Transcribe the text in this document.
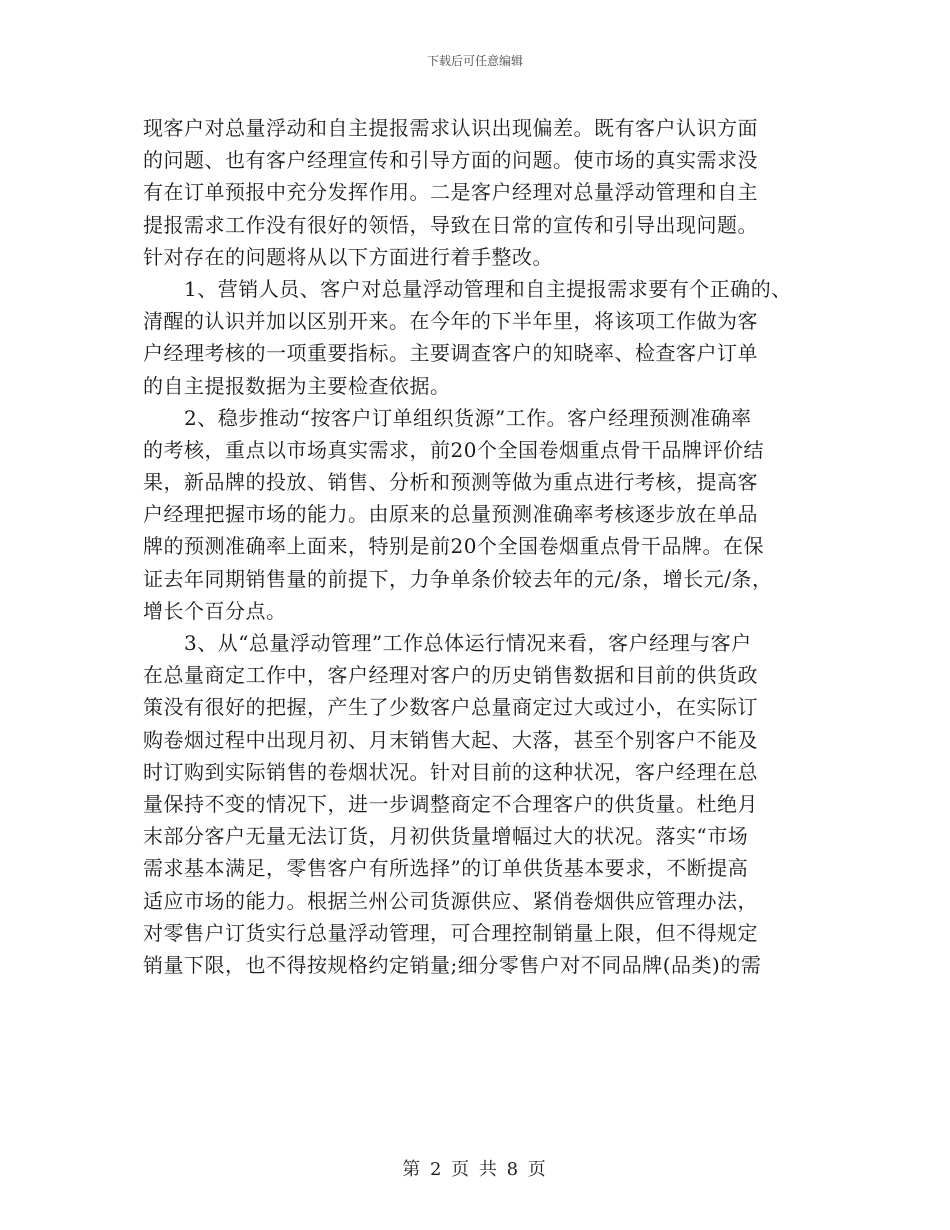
下载后可任意编辑
现客户对总量浮动和自主提报需求认识出现偏差。既有客户认识方面
的问题、也有客户经理宣传和引导方面的问题。使市场的真实需求没
有在订单预报中充分发挥作用。二是客户经理对总量浮动管理和自主
提报需求工作没有很好的领悟，导致在日常的宣传和引导出现问题。
针对存在的问题将从以下方面进行着手整改。
　　1、营销人员、客户对总量浮动管理和自主提报需求要有个正确的、
清醒的认识并加以区别开来。在今年的下半年里，将该项工作做为客
户经理考核的一项重要指标。主要调查客户的知晓率、检查客户订单
的自主提报数据为主要检查依据。
　　2、稳步推动“按客户订单组织货源”工作。客户经理预测准确率
的考核，重点以市场真实需求，前20个全国卷烟重点骨干品牌评价结
果，新品牌的投放、销售、分析和预测等做为重点进行考核，提高客
户经理把握市场的能力。由原来的总量预测准确率考核逐步放在单品
牌的预测准确率上面来，特别是前20个全国卷烟重点骨干品牌。在保
证去年同期销售量的前提下，力争单条价较去年的元/条，增长元/条，
增长个百分点。
　　3、从“总量浮动管理”工作总体运行情况来看，客户经理与客户
在总量商定工作中，客户经理对客户的历史销售数据和目前的供货政
策没有很好的把握，产生了少数客户总量商定过大或过小，在实际订
购卷烟过程中出现月初、月末销售大起、大落，甚至个别客户不能及
时订购到实际销售的卷烟状况。针对目前的这种状况，客户经理在总
量保持不变的情况下，进一步调整商定不合理客户的供货量。杜绝月
末部分客户无量无法订货，月初供货量增幅过大的状况。落实“市场
需求基本满足，零售客户有所选择”的订单供货基本要求，不断提高
适应市场的能力。根据兰州公司货源供应、紧俏卷烟供应管理办法，
对零售户订货实行总量浮动管理，可合理控制销量上限，但不得规定
销量下限，也不得按规格约定销量;细分零售户对不同品牌(品类)的需
第 2 页 共 8 页
